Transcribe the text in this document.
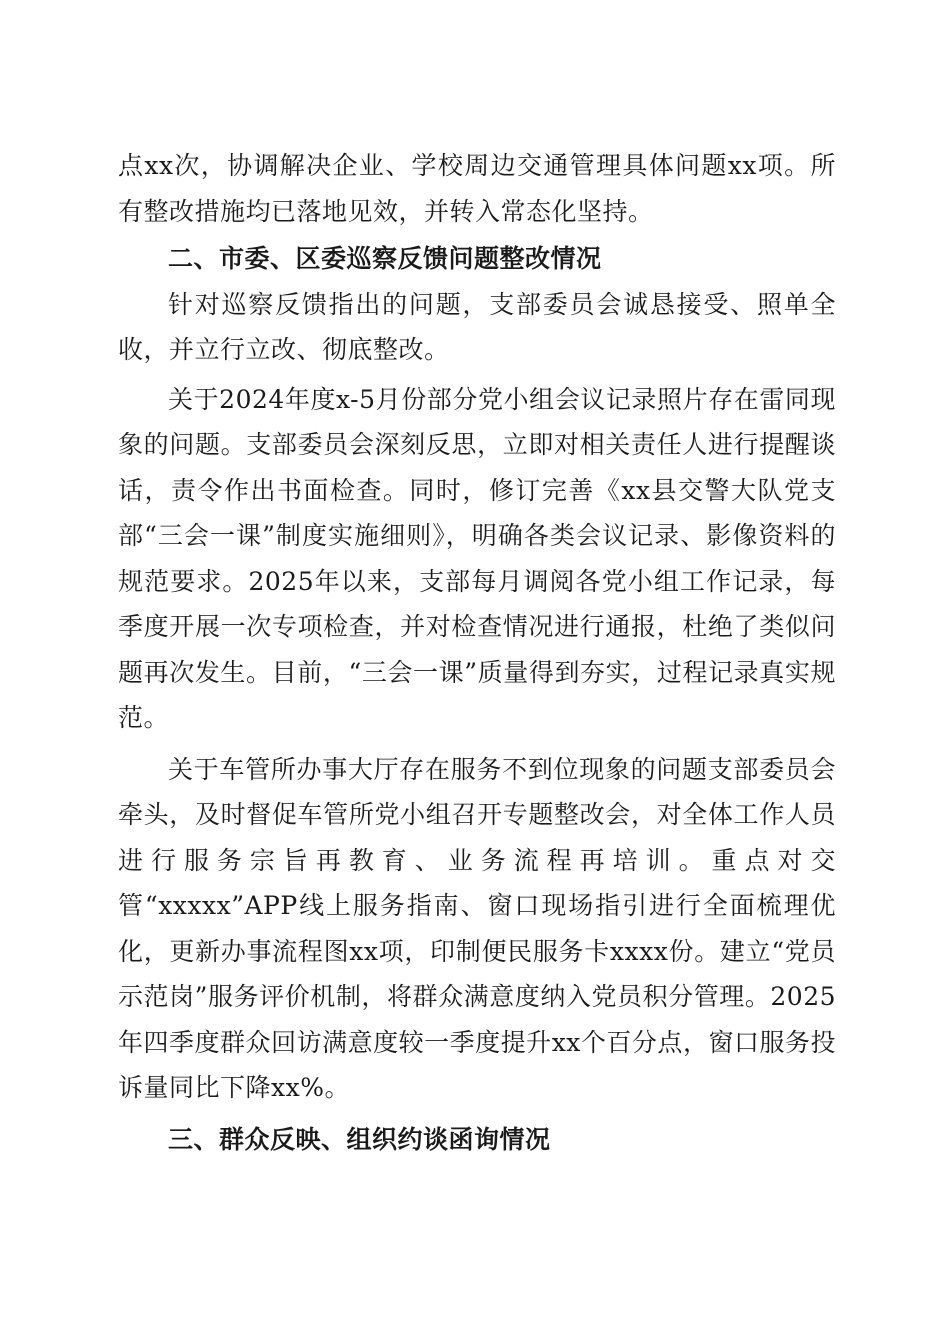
点xx次，协调解决企业、学校周边交通管理具体问题xx项。所有整改措施均已落地见效，并转入常态化坚持。

二、市委、区委巡察反馈问题整改情况

针对巡察反馈指出的问题，支部委员会诚恳接受、照单全收，并立行立改、彻底整改。

关于2024年度x-5月份部分党小组会议记录照片存在雷同现象的问题。支部委员会深刻反思，立即对相关责任人进行提醒谈话，责令作出书面检查。同时，修订完善《xx县交警大队党支部“三会一课”制度实施细则》，明确各类会议记录、影像资料的规范要求。2025年以来，支部每月调阅各党小组工作记录，每季度开展一次专项检查，并对检查情况进行通报，杜绝了类似问题再次发生。目前，“三会一课”质量得到夯实，过程记录真实规范。

关于车管所办事大厅存在服务不到位现象的问题支部委员会牵头，及时督促车管所党小组召开专题整改会，对全体工作人员进行服务宗旨再教育、业务流程再培训。重点对交管“xxxxx”APP线上服务指南、窗口现场指引进行全面梳理优化，更新办事流程图xx项，印制便民服务卡xxxx份。建立“党员示范岗”服务评价机制，将群众满意度纳入党员积分管理。2025年四季度群众回访满意度较一季度提升xx个百分点，窗口服务投诉量同比下降xx%。

三、群众反映、组织约谈函询情况
